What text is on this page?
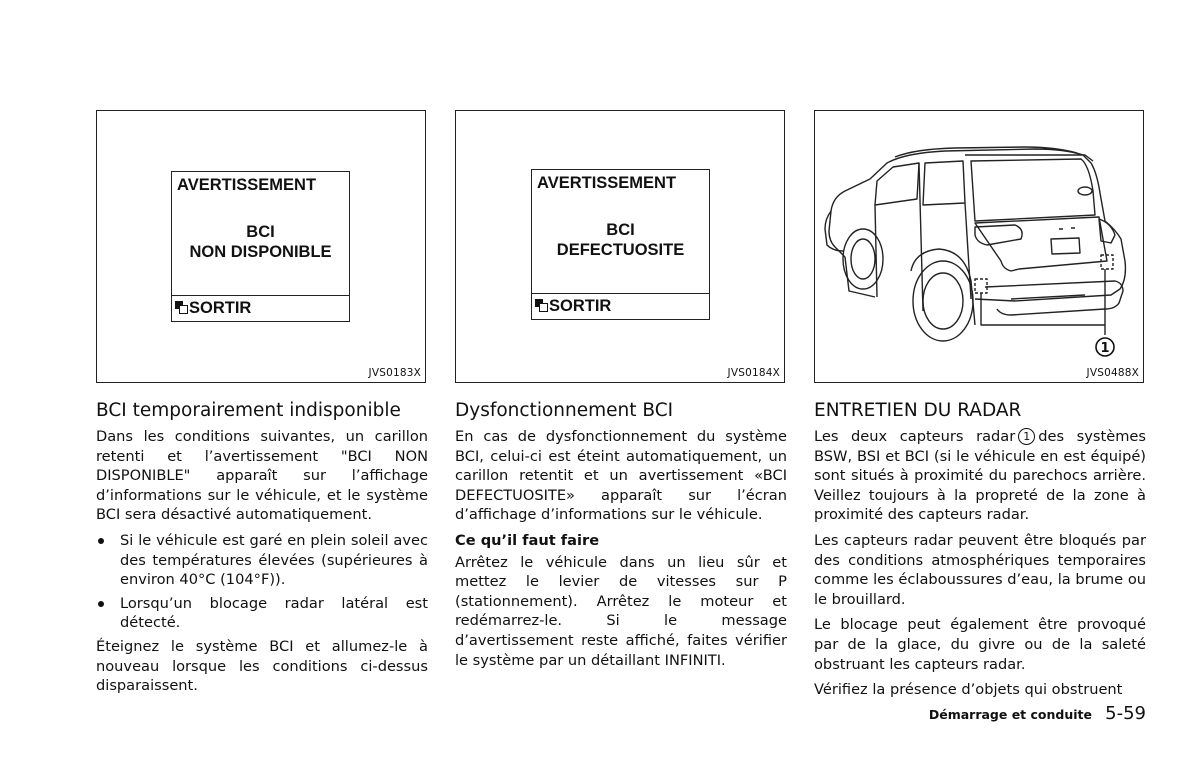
AVERTISSEMENT
BCI
NON DISPONIBLE
SORTIR
JVS0183X
AVERTISSEMENT
BCI
DEFECTUOSITE
SORTIR
JVS0184X
1
JVS0488X
BCI temporairement indisponible

Dans les conditions suivantes, un carillon retenti et l’avertissement "BCI NON DISPONIBLE" apparaît sur l’affichage d’informations sur le véhicule, et le système BCI sera désactivé automatiquement.

Si le véhicule est garé en plein soleil avec des températures élevées (supérieures à environ 40°C (104°F)).
Lorsqu’un blocage radar latéral est détecté.

Éteignez le système BCI et allumez-le à nouveau lorsque les conditions ci-dessus disparaissent.

Dysfonctionnement BCI

En cas de dysfonctionnement du système BCI, celui-ci est éteint automatiquement, un carillon retentit et un avertissement «BCI DEFECTUOSITE» apparaît sur l’écran d’affichage d’informations sur le véhicule.

Ce qu’il faut faire

Arrêtez le véhicule dans un lieu sûr et mettez le levier de vitesses sur P (stationnement). Arrêtez le moteur et redémarrez-le. Si le message d’avertissement reste affiché, faites vérifier le système par un détaillant INFINITI.

ENTRETIEN DU RADAR

Les deux capteurs radar 1 des systèmes BSW, BSI et BCI (si le véhicule en est équipé) sont situés à proximité du parechocs arrière. Veillez toujours à la propreté de la zone à proximité des capteurs radar.

Les capteurs radar peuvent être bloqués par des conditions atmosphériques temporaires comme les éclaboussures d’eau, la brume ou le brouillard.

Le blocage peut également être provoqué par de la glace, du givre ou de la saleté obstruant les capteurs radar.

Vérifiez la présence d’objets qui obstruent

Démarrage et conduite 5-59
